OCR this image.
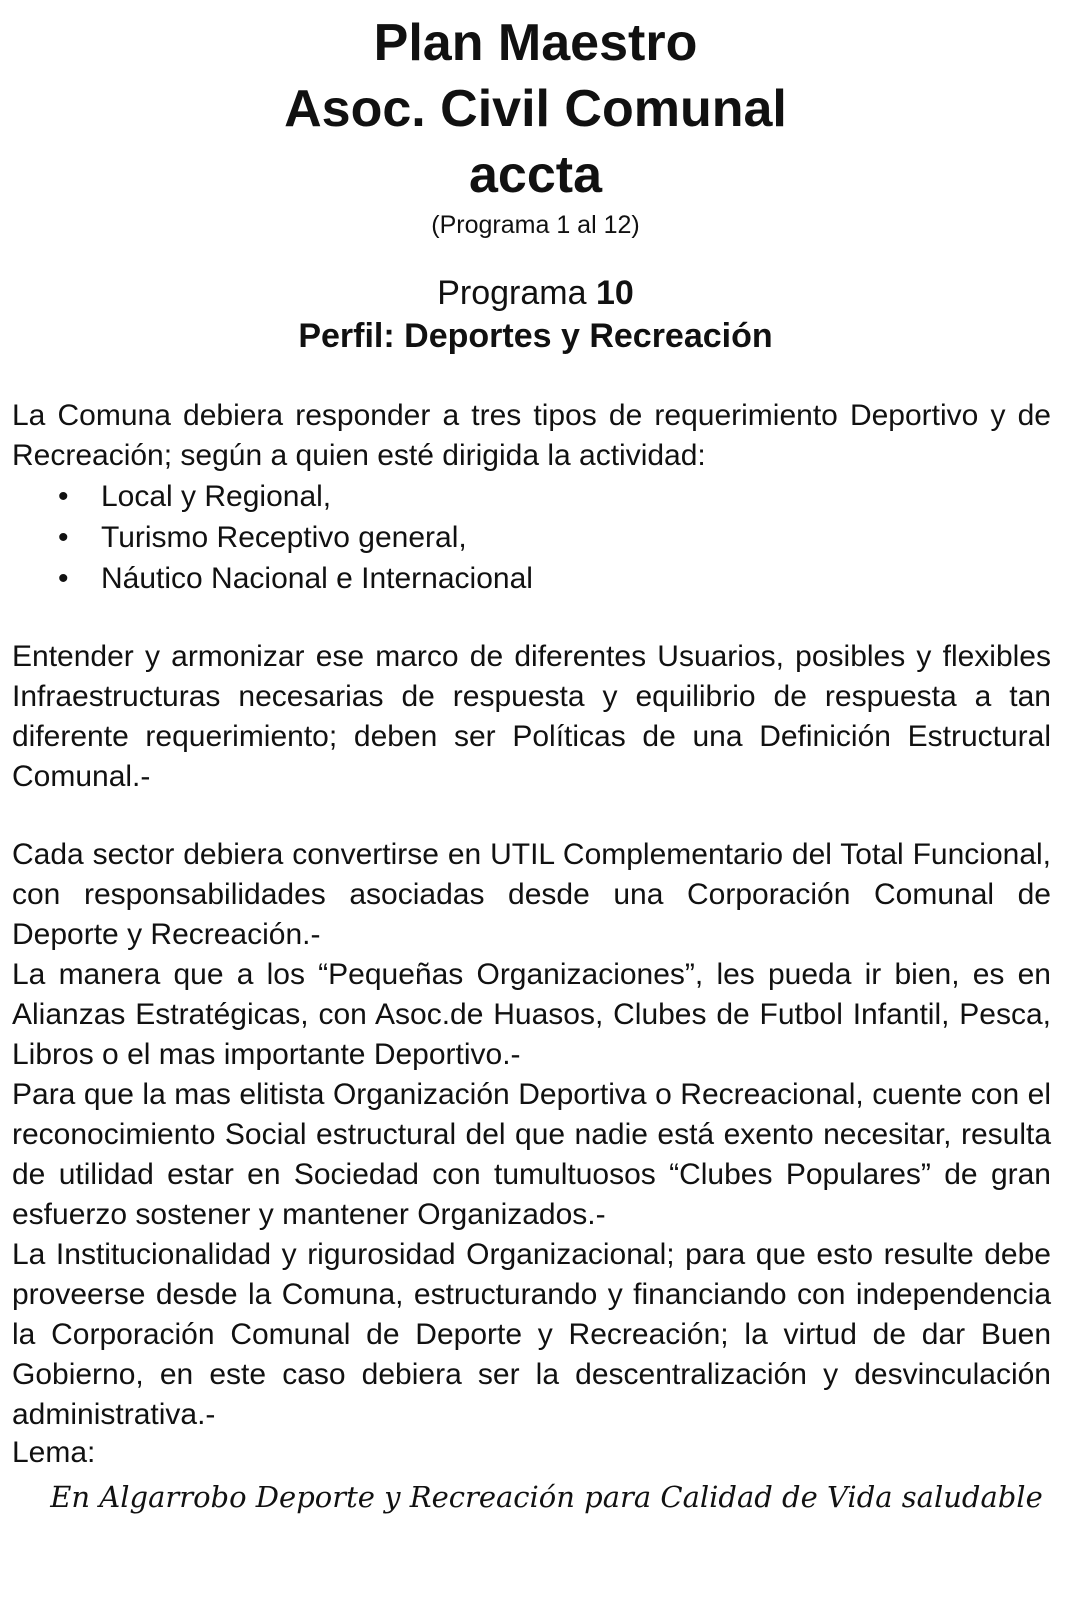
Plan Maestro

Asoc. Civil Comunal

accta

(Programa 1 al 12)

Programa 10

Perfil: Deportes y Recreación

La Comuna debiera responder a tres tipos de requerimiento Deportivo y de Recreación; según a quien esté dirigida la actividad:

• Local y Regional,
• Turismo Receptivo general,
• Náutico Nacional e Internacional

Entender y armonizar ese marco de diferentes Usuarios, posibles y flexibles Infraestructuras necesarias de respuesta y equilibrio de respuesta a tan diferente requerimiento; deben ser Políticas de una Definición Estructural Comunal.-

Cada sector debiera convertirse en UTIL Complementario del Total Funcional, con responsabilidades asociadas desde una Corporación Comunal de Deporte y Recreación.-

La manera que a los “Pequeñas Organizaciones”, les pueda ir bien, es en Alianzas Estratégicas, con Asoc.de Huasos, Clubes de Futbol Infantil, Pesca, Libros o el mas importante Deportivo.-

Para que la mas elitista Organización Deportiva o Recreacional, cuente con el reconocimiento Social estructural del que nadie está exento necesitar, resulta de utilidad estar en Sociedad con tumultuosos “Clubes Populares” de gran esfuerzo sostener y mantener Organizados.-

La Institucionalidad y rigurosidad Organizacional; para que esto resulte debe proveerse desde la Comuna, estructurando y financiando con independencia la Corporación Comunal de Deporte y Recreación; la virtud de dar Buen Gobierno, en este caso debiera ser la descentralización y desvinculación administrativa.-

Lema:

En Algarrobo Deporte y Recreación para Calidad de Vida saludable
